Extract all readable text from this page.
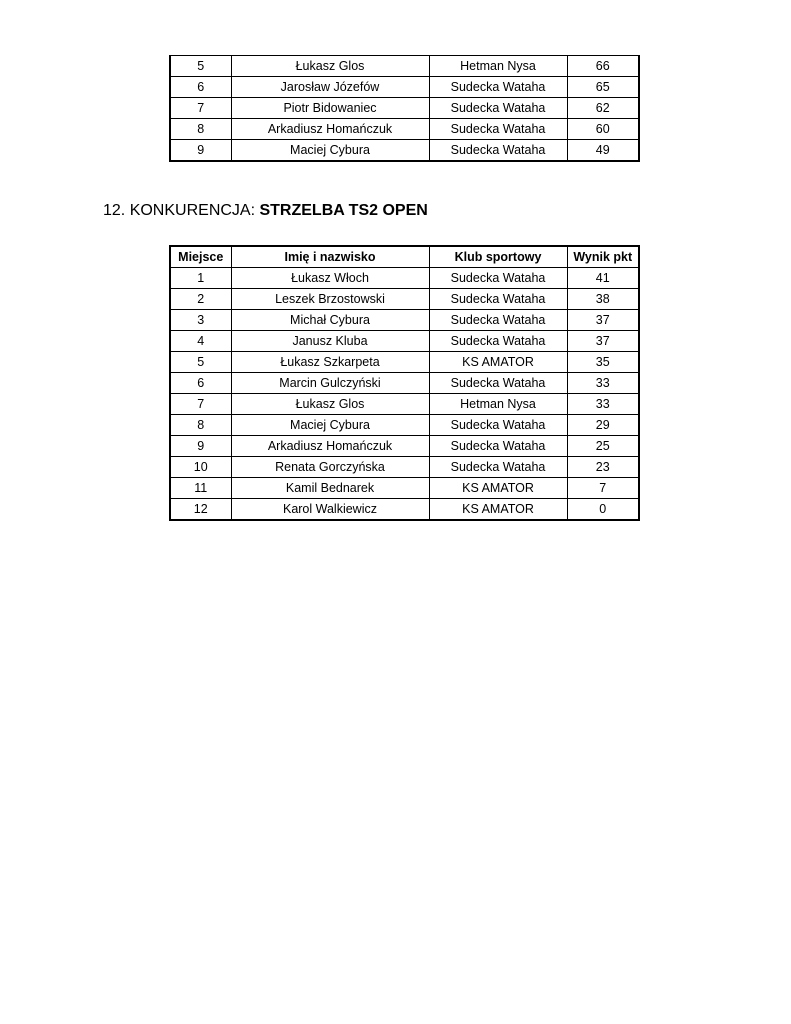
5	Łukasz Glos	Hetman Nysa	66
6	Jarosław Józefów	Sudecka Wataha	65
7	Piotr Bidowaniec	Sudecka Wataha	62
8	Arkadiusz Homańczuk	Sudecka Wataha	60
9	Maciej Cybura	Sudecka Wataha	49
12. KONKURENCJA: STRZELBA TS2 OPEN
Miejsce	Imię i nazwisko	Klub sportowy	Wynik pkt
1	Łukasz Włoch	Sudecka Wataha	41
2	Leszek Brzostowski	Sudecka Wataha	38
3	Michał Cybura	Sudecka Wataha	37
4	Janusz Kluba	Sudecka Wataha	37
5	Łukasz Szkarpeta	KS AMATOR	35
6	Marcin Gulczyński	Sudecka Wataha	33
7	Łukasz Glos	Hetman Nysa	33
8	Maciej Cybura	Sudecka Wataha	29
9	Arkadiusz Homańczuk	Sudecka Wataha	25
10	Renata Gorczyńska	Sudecka Wataha	23
11	Kamil Bednarek	KS AMATOR	7
12	Karol Walkiewicz	KS AMATOR	0
